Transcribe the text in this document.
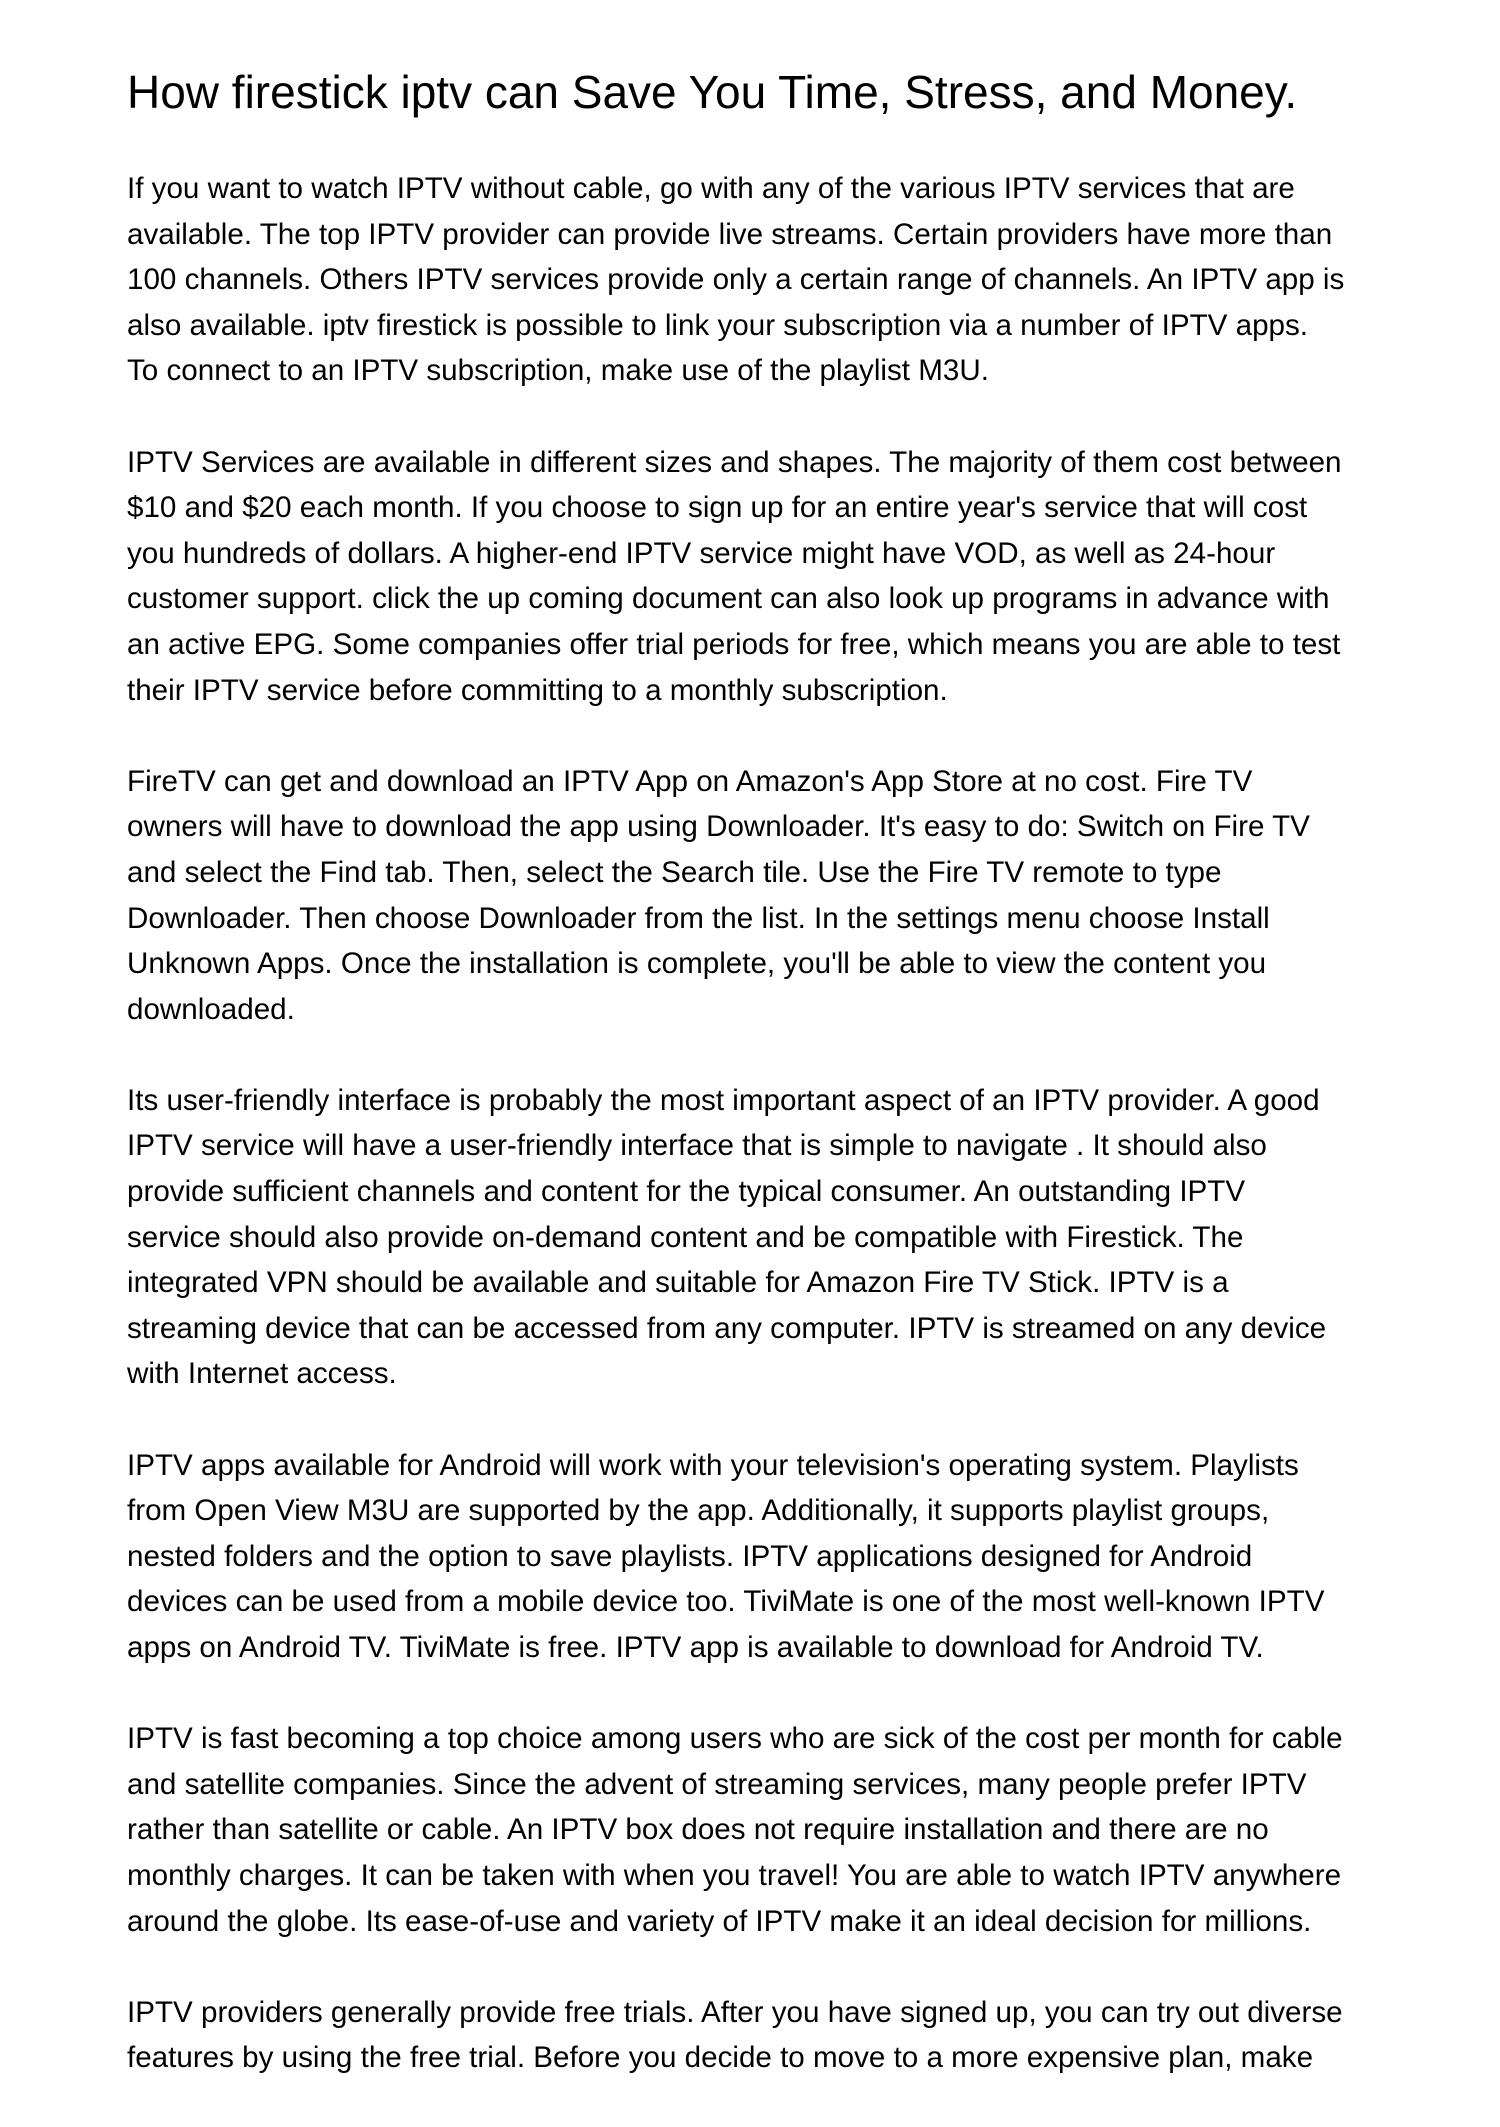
How firestick iptv can Save You Time, Stress, and Money.

If you want to watch IPTV without cable, go with any of the various IPTV services that are
available. The top IPTV provider can provide live streams. Certain providers have more than
100 channels. Others IPTV services provide only a certain range of channels. An IPTV app is
also available. iptv firestick is possible to link your subscription via a number of IPTV apps.
To connect to an IPTV subscription, make use of the playlist M3U.

IPTV Services are available in different sizes and shapes. The majority of them cost between
$10 and $20 each month. If you choose to sign up for an entire year's service that will cost
you hundreds of dollars. A higher-end IPTV service might have VOD, as well as 24-hour
customer support. click the up coming document can also look up programs in advance with
an active EPG. Some companies offer trial periods for free, which means you are able to test
their IPTV service before committing to a monthly subscription.

FireTV can get and download an IPTV App on Amazon's App Store at no cost. Fire TV
owners will have to download the app using Downloader. It's easy to do: Switch on Fire TV
and select the Find tab. Then, select the Search tile. Use the Fire TV remote to type
Downloader. Then choose Downloader from the list. In the settings menu choose Install
Unknown Apps. Once the installation is complete, you'll be able to view the content you
downloaded.

Its user-friendly interface is probably the most important aspect of an IPTV provider. A good
IPTV service will have a user-friendly interface that is simple to navigate . It should also
provide sufficient channels and content for the typical consumer. An outstanding IPTV
service should also provide on-demand content and be compatible with Firestick. The
integrated VPN should be available and suitable for Amazon Fire TV Stick. IPTV is a
streaming device that can be accessed from any computer. IPTV is streamed on any device
with Internet access.

IPTV apps available for Android will work with your television's operating system. Playlists
from Open View M3U are supported by the app. Additionally, it supports playlist groups,
nested folders and the option to save playlists. IPTV applications designed for Android
devices can be used from a mobile device too. TiviMate is one of the most well-known IPTV
apps on Android TV. TiviMate is free. IPTV app is available to download for Android TV.

IPTV is fast becoming a top choice among users who are sick of the cost per month for cable
and satellite companies. Since the advent of streaming services, many people prefer IPTV
rather than satellite or cable. An IPTV box does not require installation and there are no
monthly charges. It can be taken with when you travel! You are able to watch IPTV anywhere
around the globe. Its ease-of-use and variety of IPTV make it an ideal decision for millions.

IPTV providers generally provide free trials. After you have signed up, you can try out diverse
features by using the free trial. Before you decide to move to a more expensive plan, make
